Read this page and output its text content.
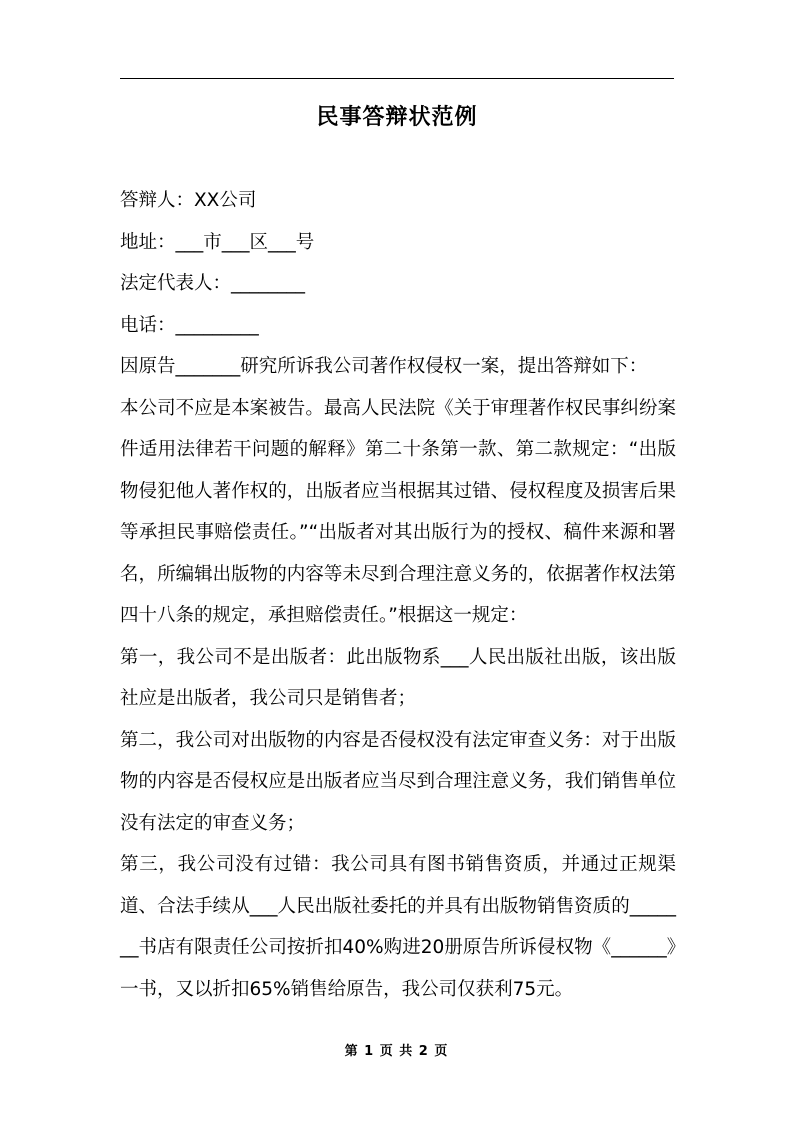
民事答辩状范例

答辩人：XX公司

地址：___市___区___号

法定代表人：________

电话：_________

因原告_______研究所诉我公司著作权侵权一案，提出答辩如下：

本公司不应是本案被告。最高人民法院《关于审理著作权民事纠纷案件适用法律若干问题的解释》第二十条第一款、第二款规定：“出版物侵犯他人著作权的，出版者应当根据其过错、侵权程度及损害后果等承担民事赔偿责任。”“出版者对其出版行为的授权、稿件来源和署名，所编辑出版物的内容等未尽到合理注意义务的，依据著作权法第四十八条的规定，承担赔偿责任。”根据这一规定：

第一，我公司不是出版者：此出版物系___人民出版社出版，该出版社应是出版者，我公司只是销售者；

第二，我公司对出版物的内容是否侵权没有法定审查义务：对于出版物的内容是否侵权应是出版者应当尽到合理注意义务，我们销售单位没有法定的审查义务；

第三，我公司没有过错：我公司具有图书销售资质，并通过正规渠道、合法手续从___人民出版社委托的并具有出版物销售资质的_______书店有限责任公司按折扣40%购进20册原告所诉侵权物《______》一书，又以折扣65%销售给原告，我公司仅获利75元。

第 1 页 共 2 页
